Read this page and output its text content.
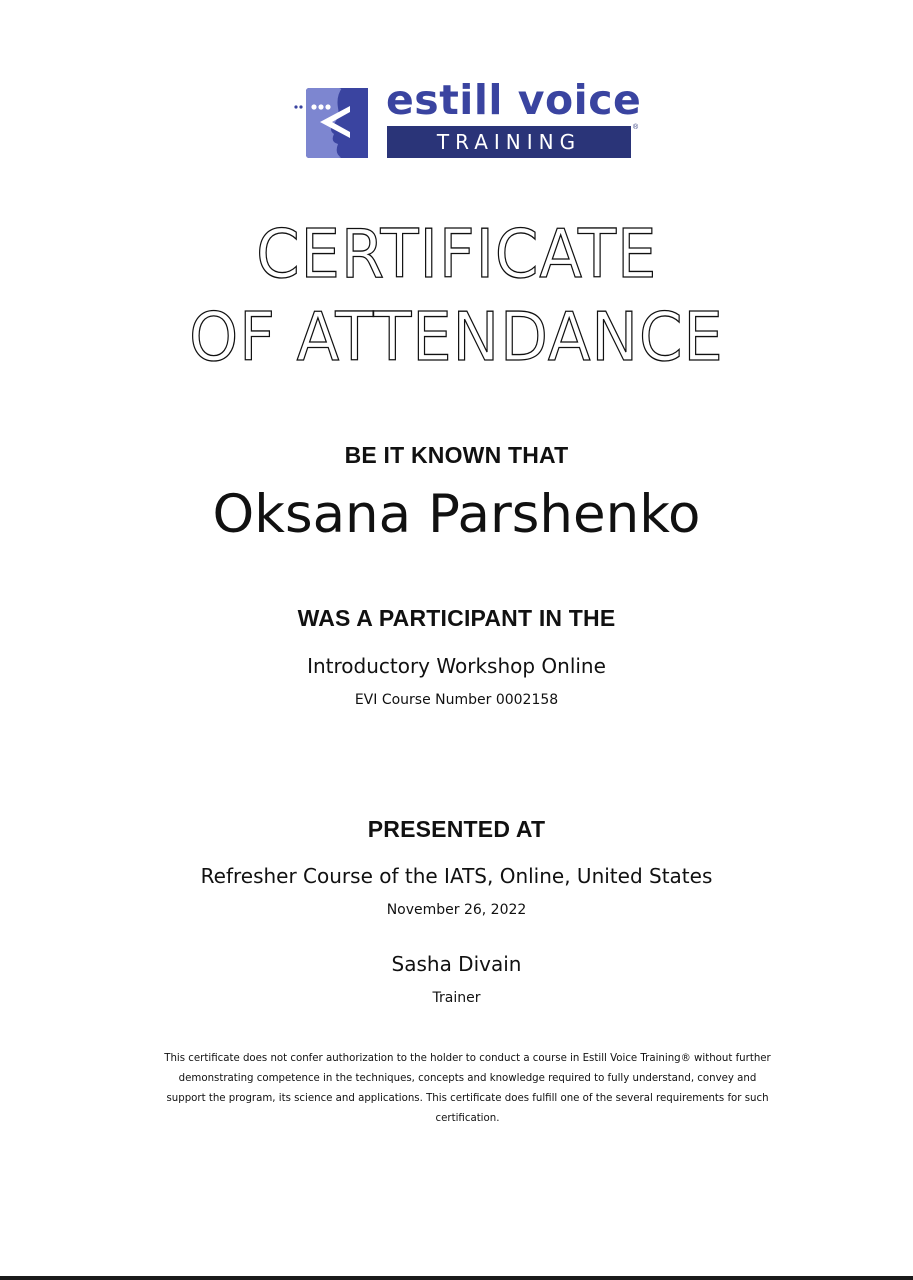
estill voice
TRAINING
®
CERTIFICATE
OF ATTENDANCE
BE IT KNOWN THAT
Oksana Parshenko
WAS A PARTICIPANT IN THE
Introductory Workshop Online
EVI Course Number 0002158
PRESENTED AT
Refresher Course of the IATS, Online, United States
November 26, 2022
Sasha Divain
Trainer
This certificate does not confer authorization to the holder to conduct a course in Estill Voice Training® without further demonstrating competence in the techniques, concepts and knowledge required to fully understand, convey and support the program, its science and applications. This certificate does fulfill one of the several requirements for such certification.
